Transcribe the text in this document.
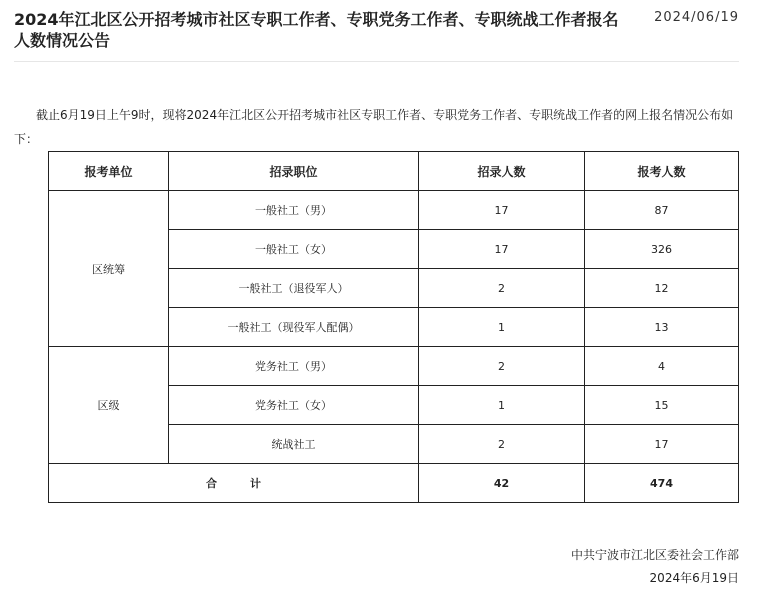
2024年江北区公开招考城市社区专职工作者、专职党务工作者、专职统战工作者报名人数情况公告
2024/06/19
截止6月19日上午9时，现将2024年江北区公开招考城市社区专职工作者、专职党务工作者、专职统战工作者的网上报名情况公布如下：
报考单位	招录职位	招录人数	报考人数
区统筹	一般社工（男）	17	87
	一般社工（女）	17	326
	一般社工（退役军人）	2	12
	一般社工（现役军人配偶）	1	13
区级	党务社工（男）	2	4
	党务社工（女）	1	15
	统战社工	2	17
合　　　计		42	474
中共宁波市江北区委社会工作部
2024年6月19日
